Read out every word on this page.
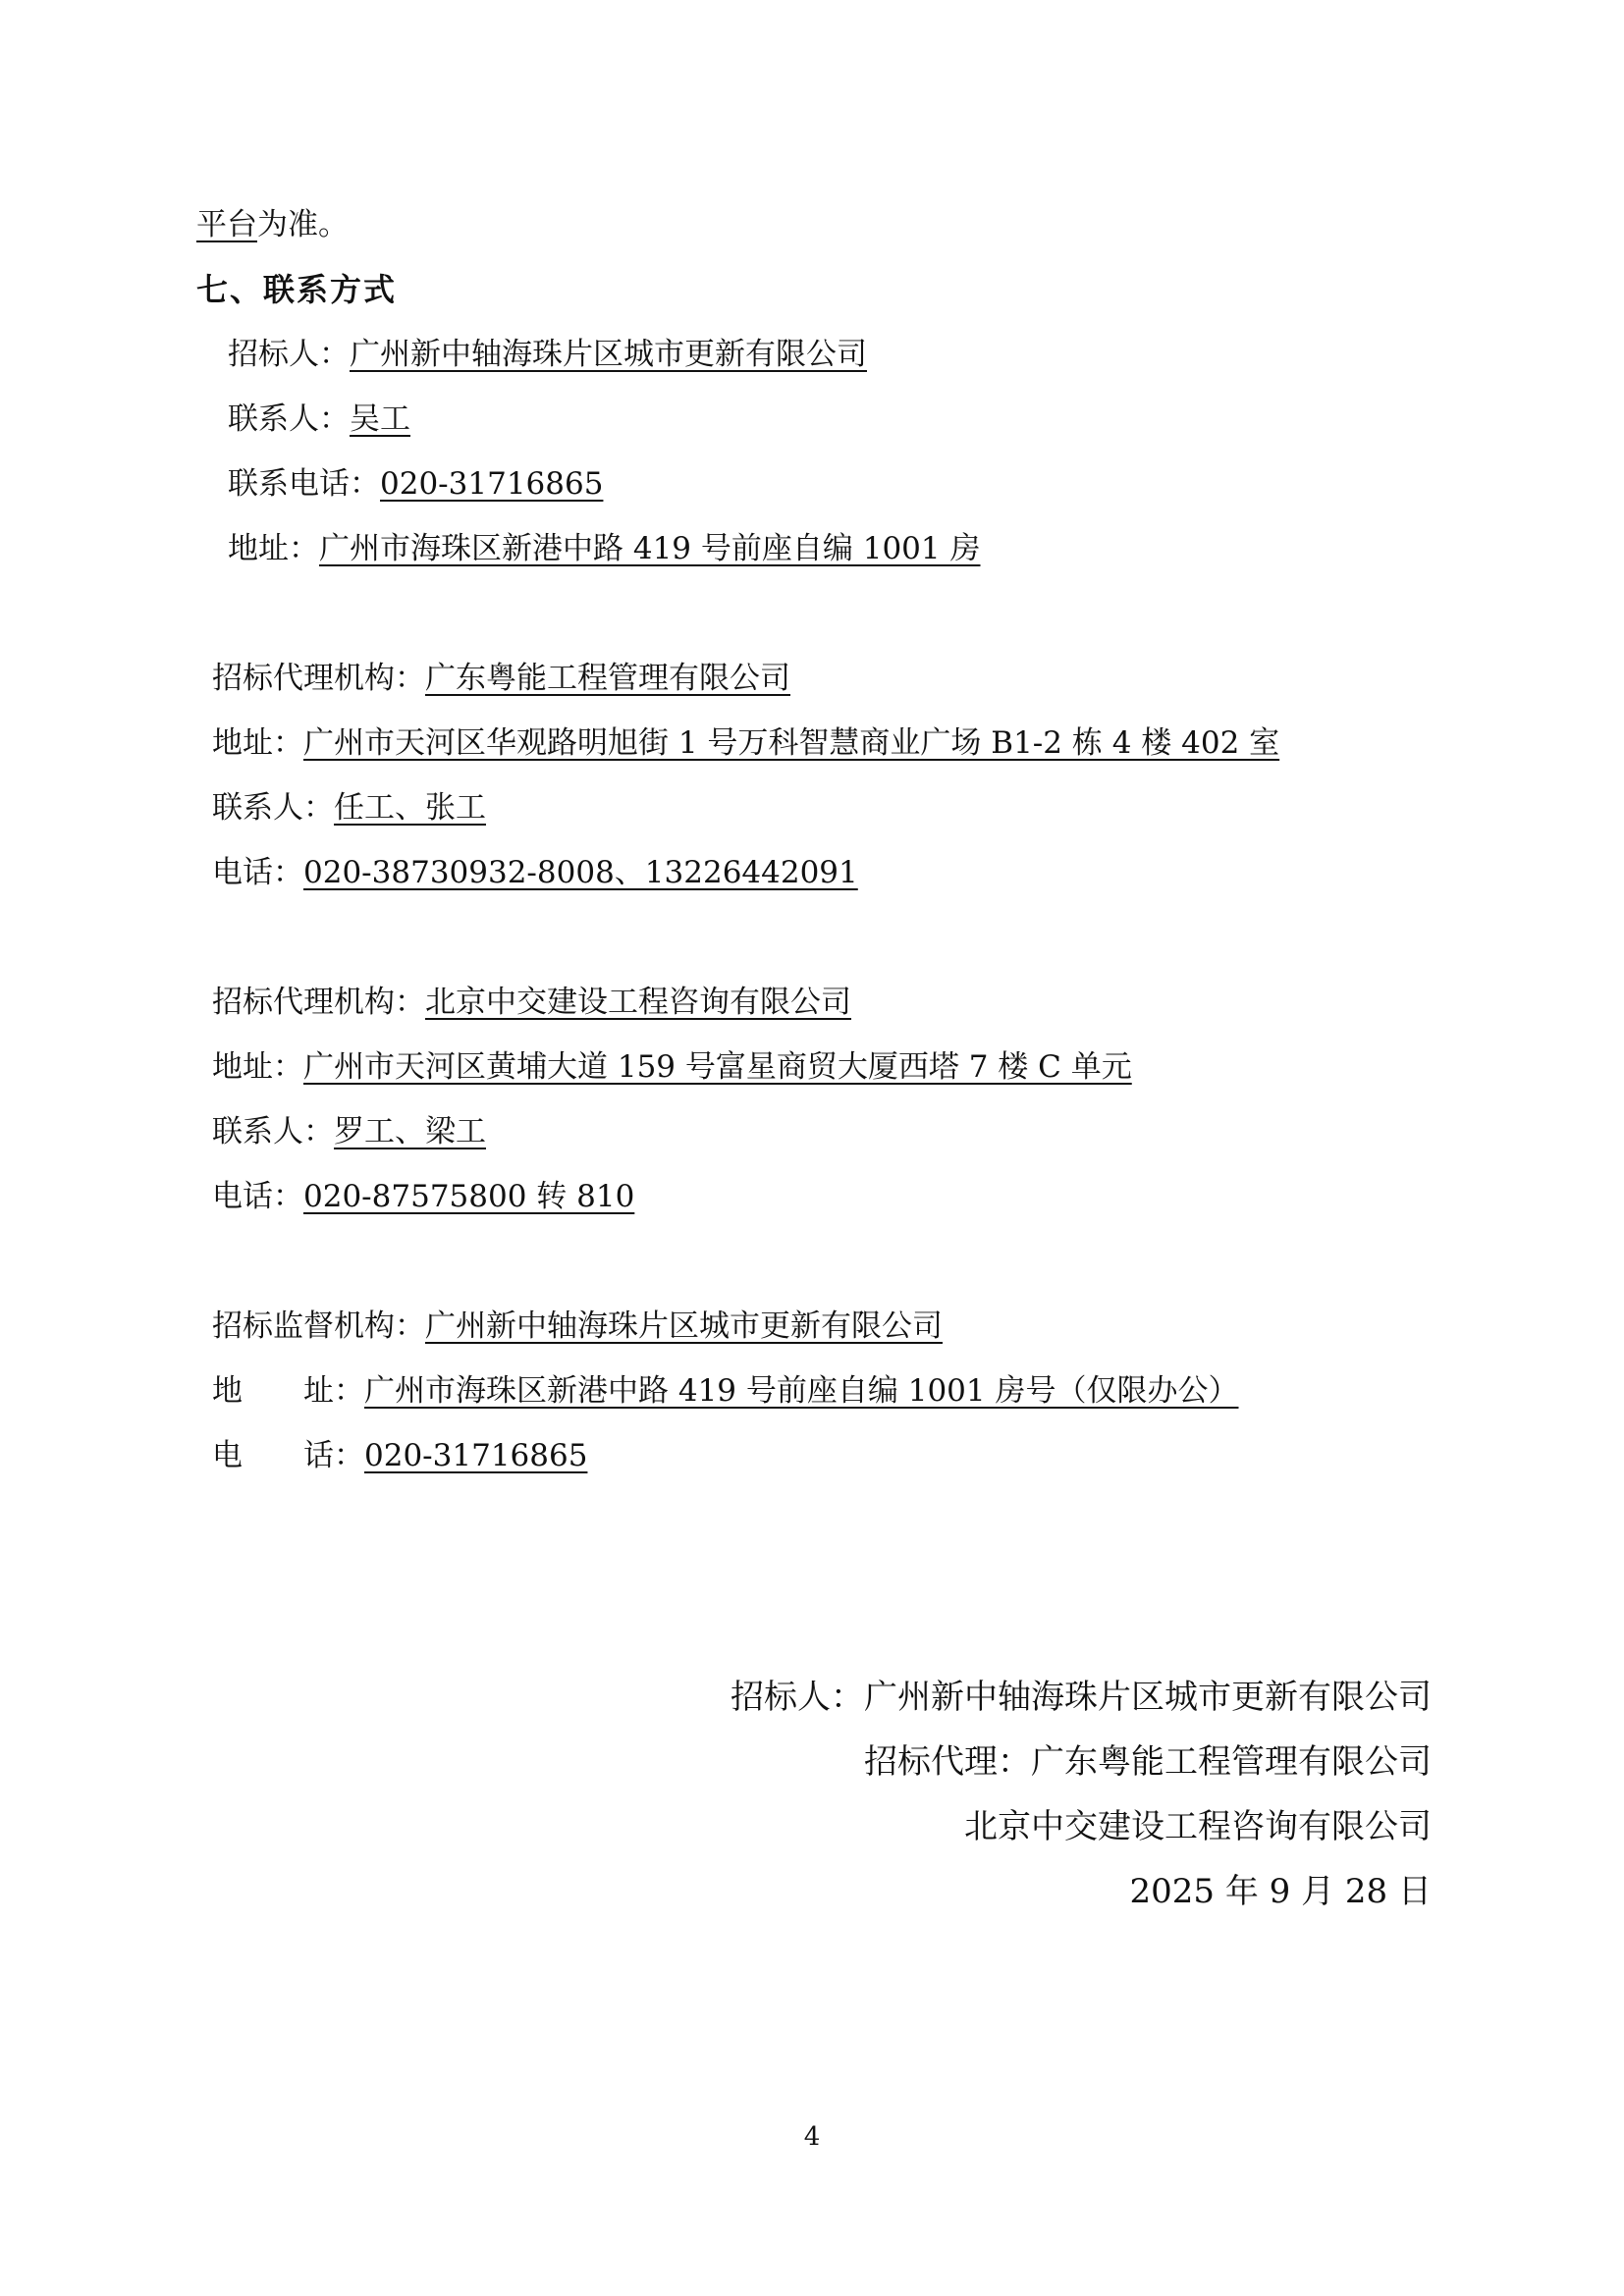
平台为准。

七、联系方式

招标人：广州新中轴海珠片区城市更新有限公司

联系人：吴工

联系电话：020-31716865

地址：广州市海珠区新港中路 419 号前座自编 1001 房

招标代理机构：广东粤能工程管理有限公司

地址：广州市天河区华观路明旭街 1 号万科智慧商业广场 B1-2 栋 4 楼 402 室

联系人：任工、张工

电话：020-38730932-8008、13226442091

招标代理机构：北京中交建设工程咨询有限公司

地址：广州市天河区黄埔大道 159 号富星商贸大厦西塔 7 楼 C 单元

联系人：罗工、梁工

电话：020-87575800 转 810

招标监督机构：广州新中轴海珠片区城市更新有限公司

地　　址：广州市海珠区新港中路 419 号前座自编 1001 房号（仅限办公）

电　　话：020-31716865

招标人：广州新中轴海珠片区城市更新有限公司

招标代理：广东粤能工程管理有限公司

北京中交建设工程咨询有限公司

2025 年 9 月 28 日

4
